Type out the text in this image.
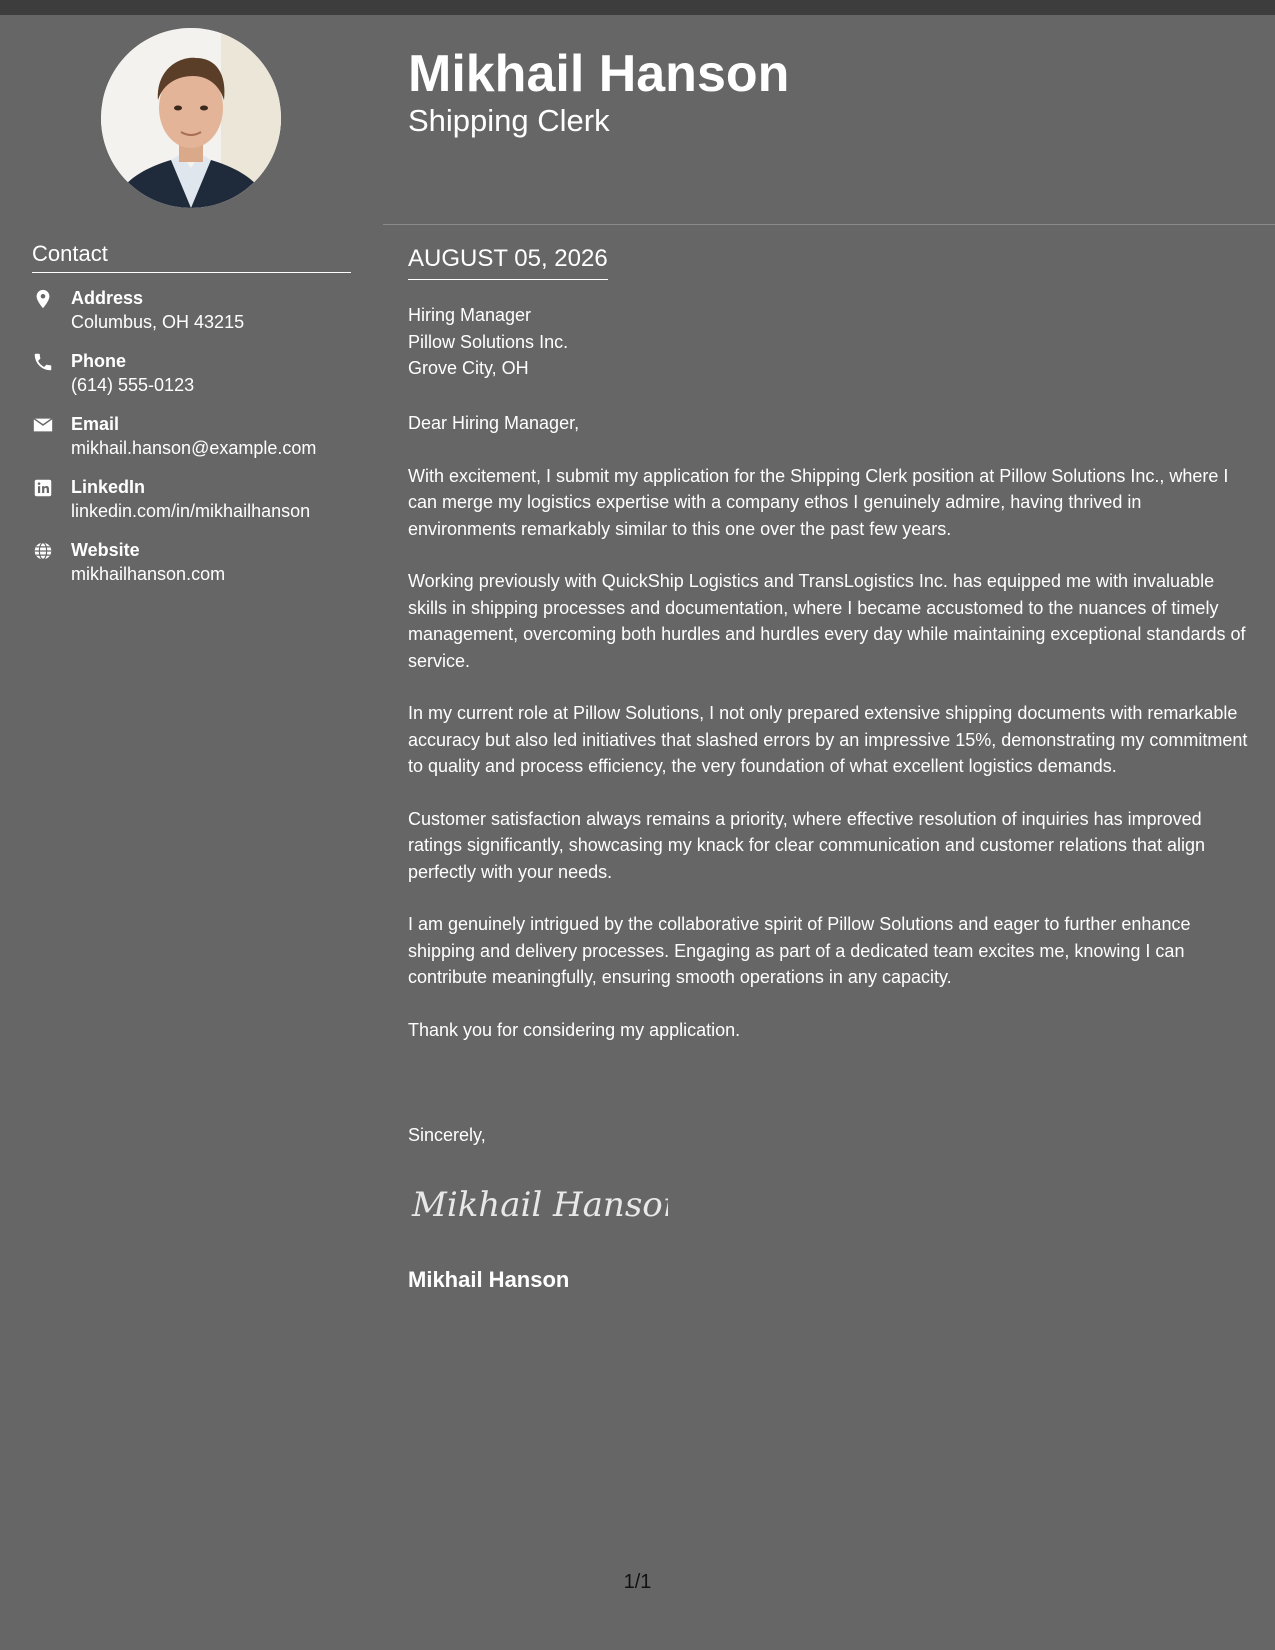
Contact
Address
Columbus, OH 43215
Phone
(614) 555-0123
Email
mikhail.hanson@example.com
LinkedIn
linkedin.com/in/mikhailhanson
Website
mikhailhanson.com
Mikhail Hanson
Shipping Clerk
AUGUST 05, 2026
Hiring Manager
Pillow Solutions Inc.
Grove City, OH

Dear Hiring Manager,

With excitement, I submit my application for the Shipping Clerk position at Pillow Solutions Inc., where I can merge my logistics expertise with a company ethos I genuinely admire, having thrived in environments remarkably similar to this one over the past few years.

Working previously with QuickShip Logistics and TransLogistics Inc. has equipped me with invaluable skills in shipping processes and documentation, where I became accustomed to the nuances of timely management, overcoming both hurdles and hurdles every day while maintaining exceptional standards of service.

In my current role at Pillow Solutions, I not only prepared extensive shipping documents with remarkable accuracy but also led initiatives that slashed errors by an impressive 15%, demonstrating my commitment to quality and process efficiency, the very foundation of what excellent logistics demands.

Customer satisfaction always remains a priority, where effective resolution of inquiries has improved ratings significantly, showcasing my knack for clear communication and customer relations that align perfectly with your needs.

I am genuinely intrigued by the collaborative spirit of Pillow Solutions and eager to further enhance shipping and delivery processes. Engaging as part of a dedicated team excites me, knowing I can contribute meaningfully, ensuring smooth operations in any capacity.

Thank you for considering my application.

Sincerely,
Mikhail Hanson
Mikhail Hanson
1/1
